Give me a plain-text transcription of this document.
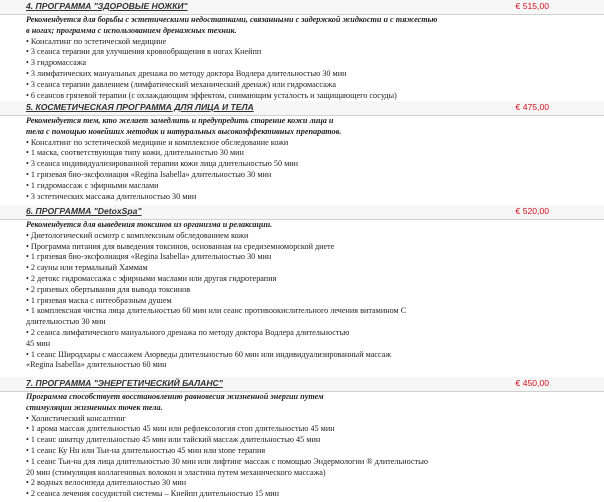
4. ПРОГРАММА "ЗДОРОВЫЕ НОЖКИ"	€ 515,00
Рекомендуется для борьбы с эстетическими недостатками, связанными с задержкой жидкости и с тяжестью
в ногах; программа с использованием дренажных техник.
• Консалтинг по эстетической медицине
• 3 сеанса терапии для улучшения кровообращения в ногах Кнейпп
• 3 гидромассажа
• 3 лимфатических мануальных дренажа по методу доктора Водлера длительностью 30 мин
• 3 сеанса терапии давлением (лимфатический механический дренаж) или гидромассажа
• 6 сеансов грязевой терапии (с охлаждающим эффектом, снимающим усталость и защищающего сосуды)
5. КОСМЕТИЧЕСКАЯ ПРОГРАММА ДЛЯ ЛИЦА И ТЕЛА	€ 475,00
Рекомендуется тем, кто желает замедлить и предупредить старение кожи лица и
тела с помощью новейших методик и натуральных высокоэффективных препаратов.
• Консалтинг по эстетической медицине и комплексное обследование кожи
• 1 маска, соответствующая типу кожи, длительностью 30 мин
• 3 сеанса индивидуализированной терапии кожи лица длительностью 50 мин
• 1 грязевая био-эксфолиация «Regina Isabella» длительностью 30 мин
• 1 гидромассаж с эфирными маслами
• 3 эстетических массажа длительностью 30 мин
6. ПРОГРАММА "DetoxSpa"	€ 520,00
Рекомендуется для выведения токсинов из организма и релаксации.
• Диетологический осмотр с комплексным обследованием кожи
• Программа питания для выведения токсинов, основанная на средиземноморской диете
• 1 грязевая био-эксфолиация «Regina Isabella» длительностью 30 мин
• 2 сауны или термальный Хаммам
• 2 детокс гидромассажа с эфирными маслами или другая гидротерапия
• 2 грязевых обертывания для вывода токсинов
• 1 грязевая маска с интеобразным душем
• 1 комплексная чистка лица длительностью 60 мин или сеанс противоокислительного лечения витамином С
длительностью 30 мин
• 2 сеанса лимфатического мануального дренажа по методу доктора Водлера длительностью
45 мин
• 1 сеанс Широдхары с массажем Аюрведы длительностью 60 мин или индивидуализированный массаж
«Regina Isabella» длительностью 60 мин
7. ПРОГРАММА "ЭНЕРГЕТИЧЕСКИЙ БАЛАНС"	€ 450,00
Программа способствует восстановлению равновесия жизненной энергии путем
стимуляции жизненных точек тела.
• Холистический консалтинг
• 1 арома массаж длительностью 45 мин или рефлексология стоп длительностью 45 мин
• 1 сеанс шиатцу длительностью 45 мин или тайский массаж длительностью 45 мин
• 1 сеанс Ку Нн или Тьи-на длительностью 45 мин или stone терапия
• 1 сеанс Тьи-на для лица длительностью 30 мин или лифтинг массаж с помощью Эндермологии ® длительностью
20 мин (стимуляция коллагеновых волокон и эластина путем механического массажа)
• 2 водных велосипеда длительностью 30 мин
• 2 сеанса лечения сосудистой системы – Кнейпп длительностью 15 мин
